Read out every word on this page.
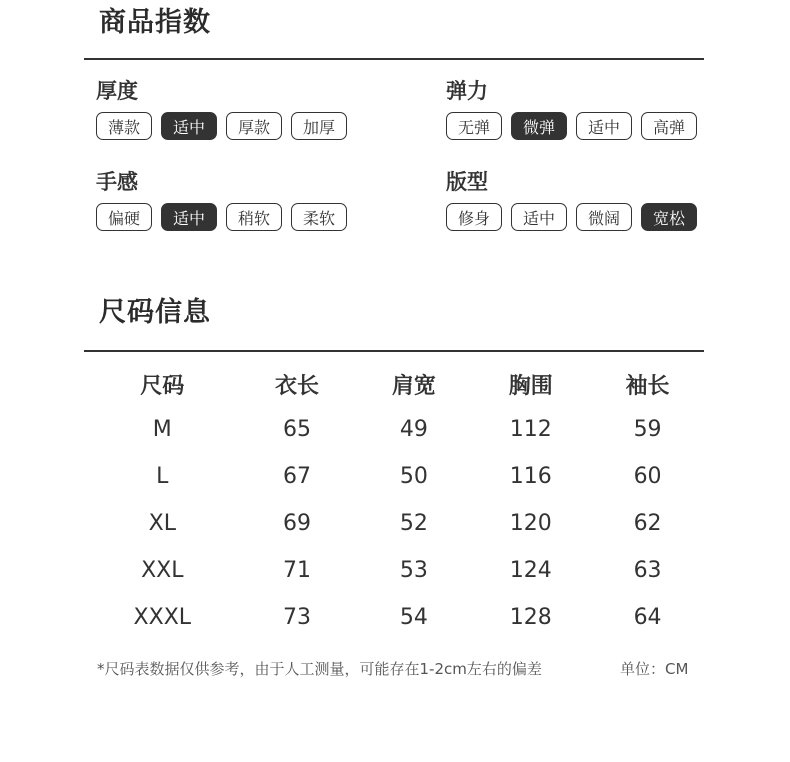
商品指数
厚度
薄款	适中	厚款	加厚
弹力
无弹	微弹	适中	高弹
手感
偏硬	适中	稍软	柔软
版型
修身	适中	微阔	宽松
尺码信息
尺码	衣长	肩宽	胸围	袖长
M	65	49	112	59
L	67	50	116	60
XL	69	52	120	62
XXL	71	53	124	63
XXXL	73	54	128	64
*尺码表数据仅供参考，由于人工测量，可能存在1-2cm左右的偏差	单位：CM
